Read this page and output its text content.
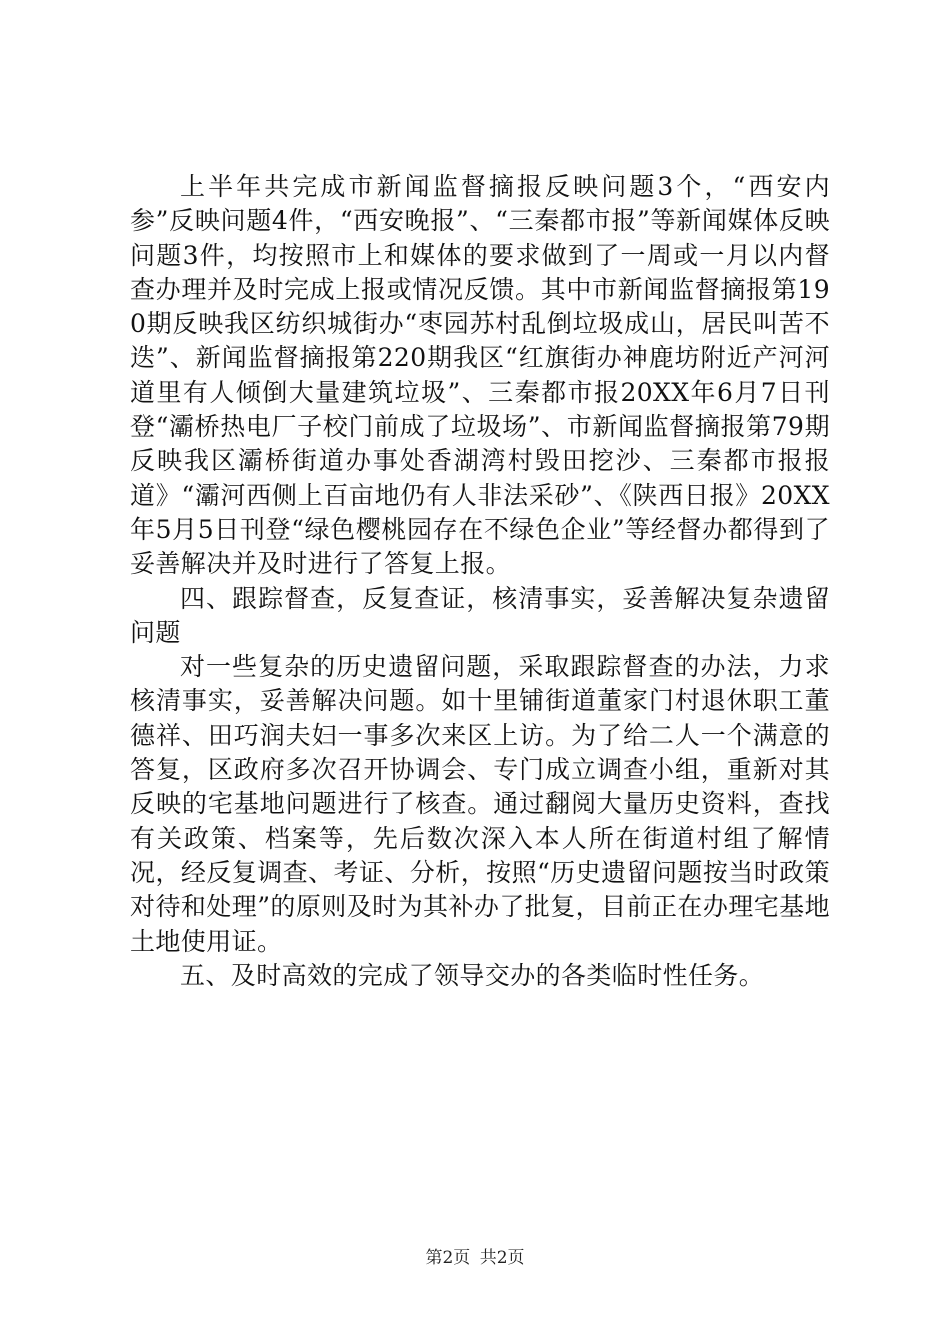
上半年共完成市新闻监督摘报反映问题3个，“西安内参”反映问题4件，“西安晚报”、“三秦都市报”等新闻媒体反映问题3件，均按照市上和媒体的要求做到了一周或一月以内督查办理并及时完成上报或情况反馈。其中市新闻监督摘报第190期反映我区纺织城街办“枣园苏村乱倒垃圾成山，居民叫苦不迭”、新闻监督摘报第220期我区“红旗街办神鹿坊附近产河河道里有人倾倒大量建筑垃圾”、三秦都市报20XX年6月7日刊登“灞桥热电厂子校门前成了垃圾场”、市新闻监督摘报第79期反映我区灞桥街道办事处香湖湾村毁田挖沙、三秦都市报报道》“灞河西侧上百亩地仍有人非法采砂”、《陕西日报》20XX年5月5日刊登“绿色樱桃园存在不绿色企业”等经督办都得到了妥善解决并及时进行了答复上报。

四、跟踪督查，反复查证，核清事实，妥善解决复杂遗留问题

对一些复杂的历史遗留问题，采取跟踪督查的办法，力求核清事实，妥善解决问题。如十里铺街道董家门村退休职工董德祥、田巧润夫妇一事多次来区上访。为了给二人一个满意的答复，区政府多次召开协调会、专门成立调查小组，重新对其反映的宅基地问题进行了核查。通过翻阅大量历史资料，查找有关政策、档案等，先后数次深入本人所在街道村组了解情况，经反复调查、考证、分析，按照“历史遗留问题按当时政策对待和处理”的原则及时为其补办了批复，目前正在办理宅基地土地使用证。

五、及时高效的完成了领导交办的各类临时性任务。

第2页 共2页
